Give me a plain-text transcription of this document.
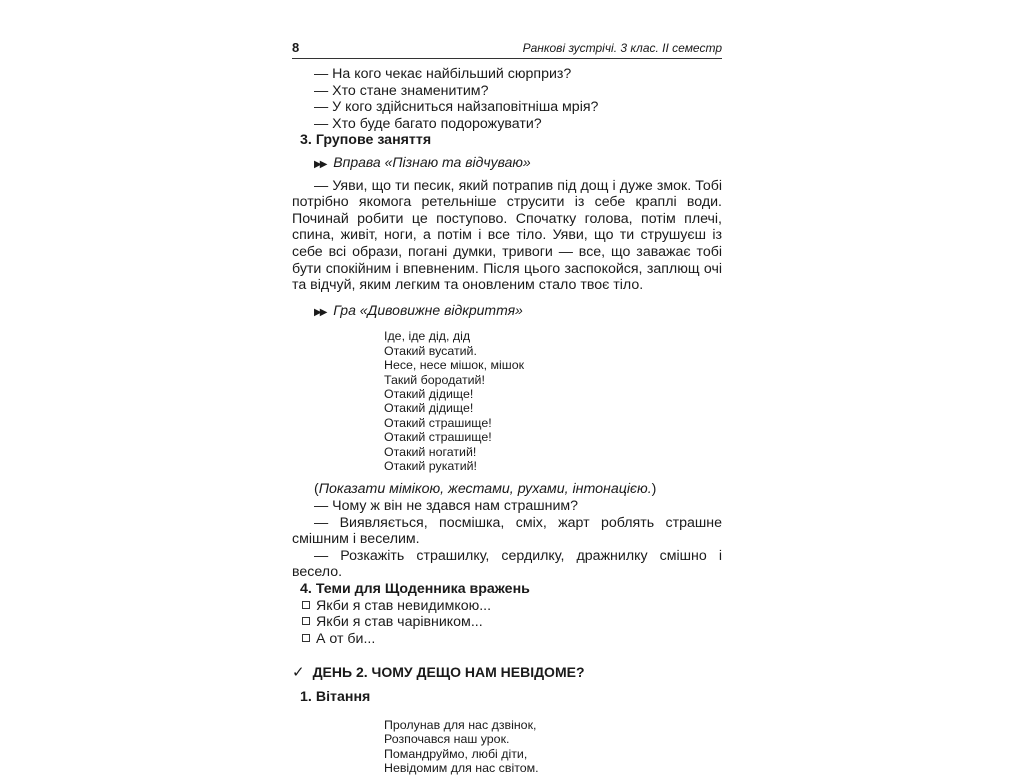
8	Ранкові зустрічі. 3 клас. ІІ семестр

— На кого чекає найбільший сюрприз?

— Хто стане знаменитим?

— У кого здійсниться найзаповітніша мрія?

— Хто буде багато подорожувати?

3. Групове заняття

▶▶ Вправа «Пізнаю та відчуваю»

— Уяви, що ти песик, який потрапив під дощ і дуже змок. Тобі потрібно якомога ретельніше струсити із себе краплі води. Починай робити це поступово. Спочатку голова, потім плечі, спина, живіт, ноги, а потім і все тіло. Уяви, що ти струшуєш із себе всі образи, погані думки, тривоги — все, що заважає тобі бути спокійним і впевненим. Після цього заспокойся, заплющ очі та відчуй, яким легким та оновленим стало твоє тіло.

▶▶ Гра «Дивовижне відкриття»

Іде, іде дід, дід
Отакий вусатий.
Несе, несе мішок, мішок
Такий бородатий!
Отакий дідище!
Отакий дідище!
Отакий страшище!
Отакий страшище!
Отакий ногатий!
Отакий рукатий!

(Показати мімікою, жестами, рухами, інтонацією.)

— Чому ж він не здався нам страшним?

— Виявляється, посмішка, сміх, жарт роблять страшне смішним і веселим.

— Розкажіть страшилку, сердилку, дражнилку смішно і весело.

4. Теми для Щоденника вражень

Якби я став невидимкою...

Якби я став чарівником...

А от би...

✓ ДЕНЬ 2. ЧОМУ ДЕЩО НАМ НЕВІДОМЕ?

1. Вітання

Пролунав для нас дзвінок,
Розпочався наш урок.
Помандруймо, любі діти,
Невідомим для нас світом.
